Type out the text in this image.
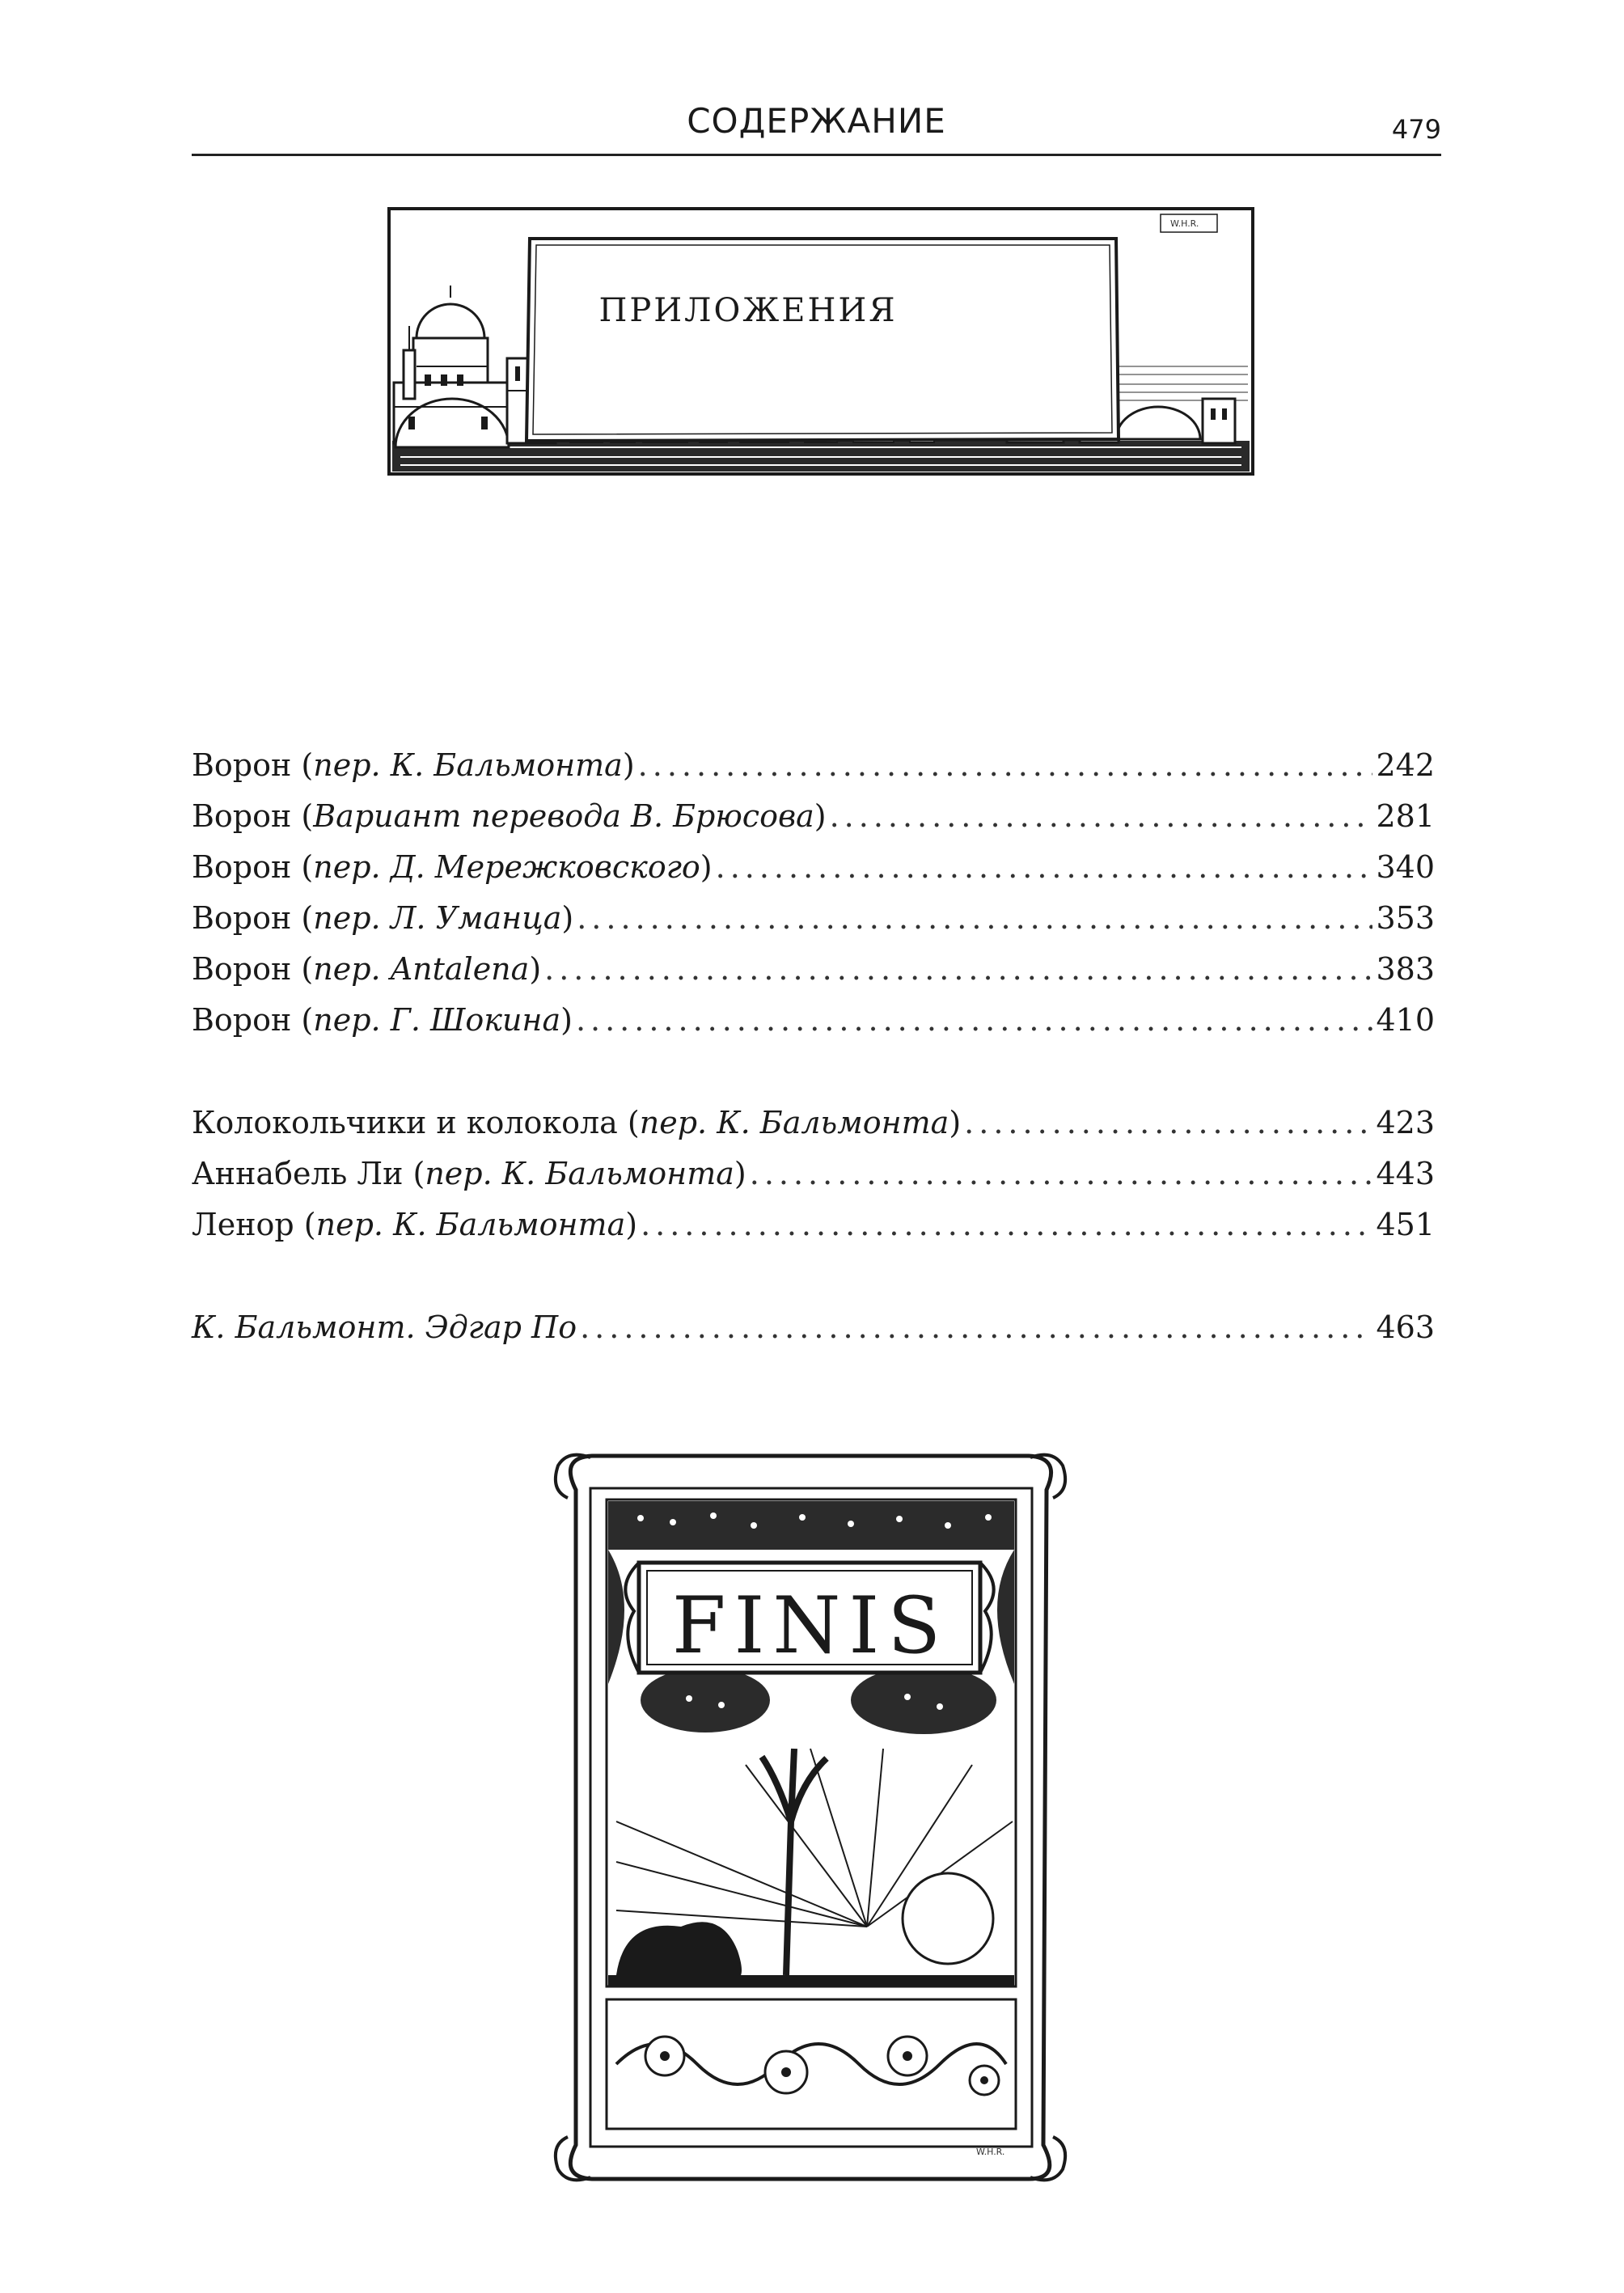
СОДЕРЖАНИЕ	479
ПРИЛОЖЕНИЯ
W.H.R.
Ворон (пер. К. Бальмонта) .....	242
Ворон (Вариант перевода В. Брюсова) .....	281
Ворон (пер. Д. Мережковского) .....	340
Ворон (пер. Л. Уманца) .....	353
Ворон (пер. Antalena) .....	383
Ворон (пер. Г. Шокина) .....	410
Колокольчики и колокола (пер. К. Бальмонта) .....	423
Аннабель Ли (пер. К. Бальмонта) .....	443
Ленор (пер. К. Бальмонта) .....	451
К. Бальмонт. Эдгар По .....	463
FINIS
W.H.R.
